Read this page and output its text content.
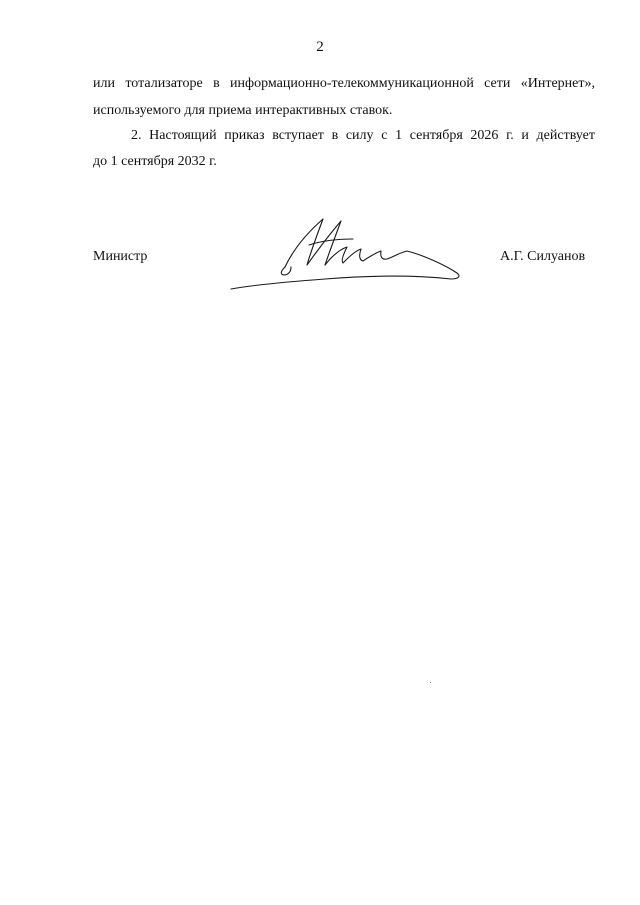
2
или тотализаторе в информационно-телекоммуникационной сети «Интернет»,
используемого для приема интерактивных ставок.
2. Настоящий приказ вступает в силу с 1 сентября 2026 г. и действует
до 1 сентября 2032 г.
Министр	А.Г. Силуанов
